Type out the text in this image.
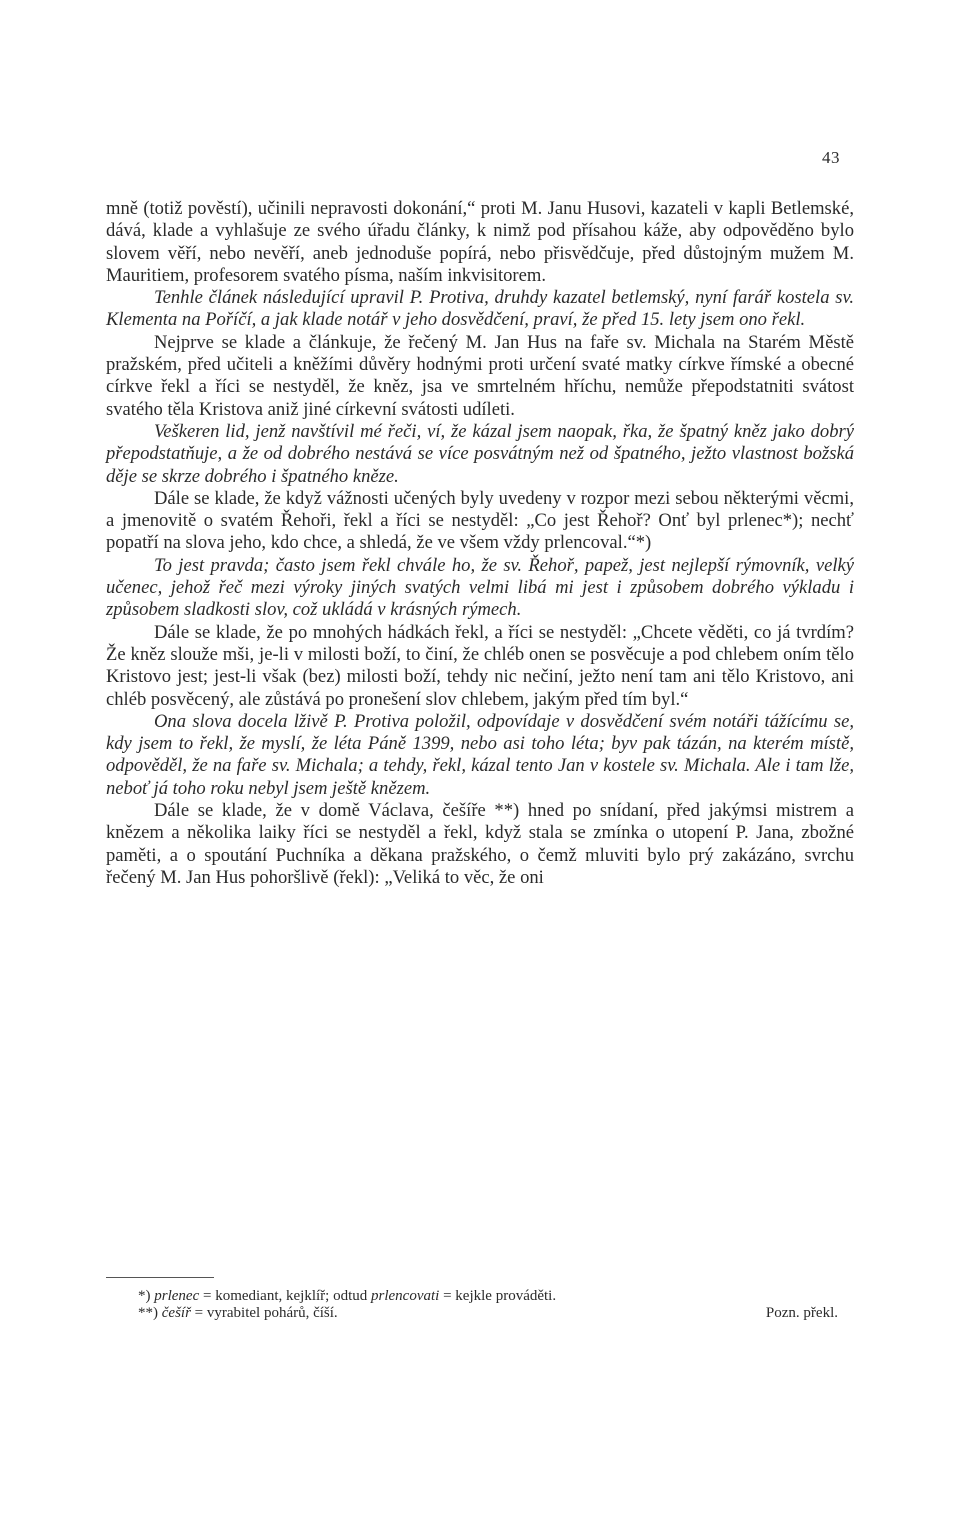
43

mně (totiž pověstí), učinili nepravosti dokonání,“ proti M. Janu Husovi, kazateli v kapli Betlemské, dává, klade a vyhlašuje ze svého úřadu články, k nimž pod přísahou káže, aby odpověděno bylo slovem věří, nebo nevěří, aneb jednoduše popírá, nebo přisvědčuje, před důstojným mužem M. Mauritiem, profesorem svatého písma, naším inkvisitorem.

Tenhle článek následující upravil P. Protiva, druhdy kazatel betlemský, nyní farář kostela sv. Klementa na Poříčí, a jak klade notář v jeho dosvědčení, praví, že před 15. lety jsem ono řekl.

Nejprve se klade a článkuje, že řečený M. Jan Hus na faře sv. Michala na Starém Městě pražském, před učiteli a kněžími důvěry hodnými proti určení svaté matky církve římské a obecné církve řekl a říci se nestyděl, že kněz, jsa ve smrtelném hříchu, nemůže přepodstatniti svátost svatého těla Kristova aniž jiné církevní svátosti udíleti.

Veškeren lid, jenž navštívil mé řeči, ví, že kázal jsem naopak, řka, že špatný kněz jako dobrý přepodstatňuje, a že od dobrého nestává se více posvátným než od špatného, ježto vlastnost božská děje se skrze dobrého i špatného kněze.

Dále se klade, že když vážnosti učených byly uvedeny v rozpor mezi sebou některými věcmi, a jmenovitě o svatém Řehoři, řekl a říci se nestyděl: „Co jest Řehoř? Onť byl prlenec*); nechť popatří na slova jeho, kdo chce, a shledá, že ve všem vždy prlencoval.“*)

To jest pravda; často jsem řekl chvále ho, že sv. Řehoř, papež, jest nejlepší rýmovník, velký učenec, jehož řeč mezi výroky jiných svatých velmi libá mi jest i způsobem dobrého výkladu i způsobem sladkosti slov, což ukládá v krásných rýmech.

Dále se klade, že po mnohých hádkách řekl, a říci se nestyděl: „Chcete věděti, co já tvrdím? Že kněz slouže mši, je-li v milosti boží, to činí, že chléb onen se posvěcuje a pod chlebem oním tělo Kristovo jest; jest-li však (bez) milosti boží, tehdy nic nečiní, ježto není tam ani tělo Kristovo, ani chléb posvěcený, ale zůstává po pronešení slov chlebem, jakým před tím byl.“

Ona slova docela lživě P. Protiva položil, odpovídaje v dosvědčení svém notáři tážícímu se, kdy jsem to řekl, že myslí, že léta Páně 1399, nebo asi toho léta; byv pak tázán, na kterém místě, odpověděl, že na faře sv. Michala; a tehdy, řekl, kázal tento Jan v kostele sv. Michala. Ale i tam lže, neboť já toho roku nebyl jsem ještě knězem.

Dále se klade, že v domě Václava, češíře **) hned po snídaní, před jakýmsi mistrem a knězem a několika laiky říci se nestyděl a řekl, když stala se zmínka o utopení P. Jana, zbožné paměti, a o spoutání Puchníka a děkana pražského, o čemž mluviti bylo prý zakázáno, svrchu řečený M. Jan Hus pohoršlivě (řekl): „Veliká to věc, že oni

*) prlenec = komediant, kejklíř; odtud prlencovati = kejkle prováděti.
**) češíř = vyrabitel pohárů, číší.	Pozn. překl.
